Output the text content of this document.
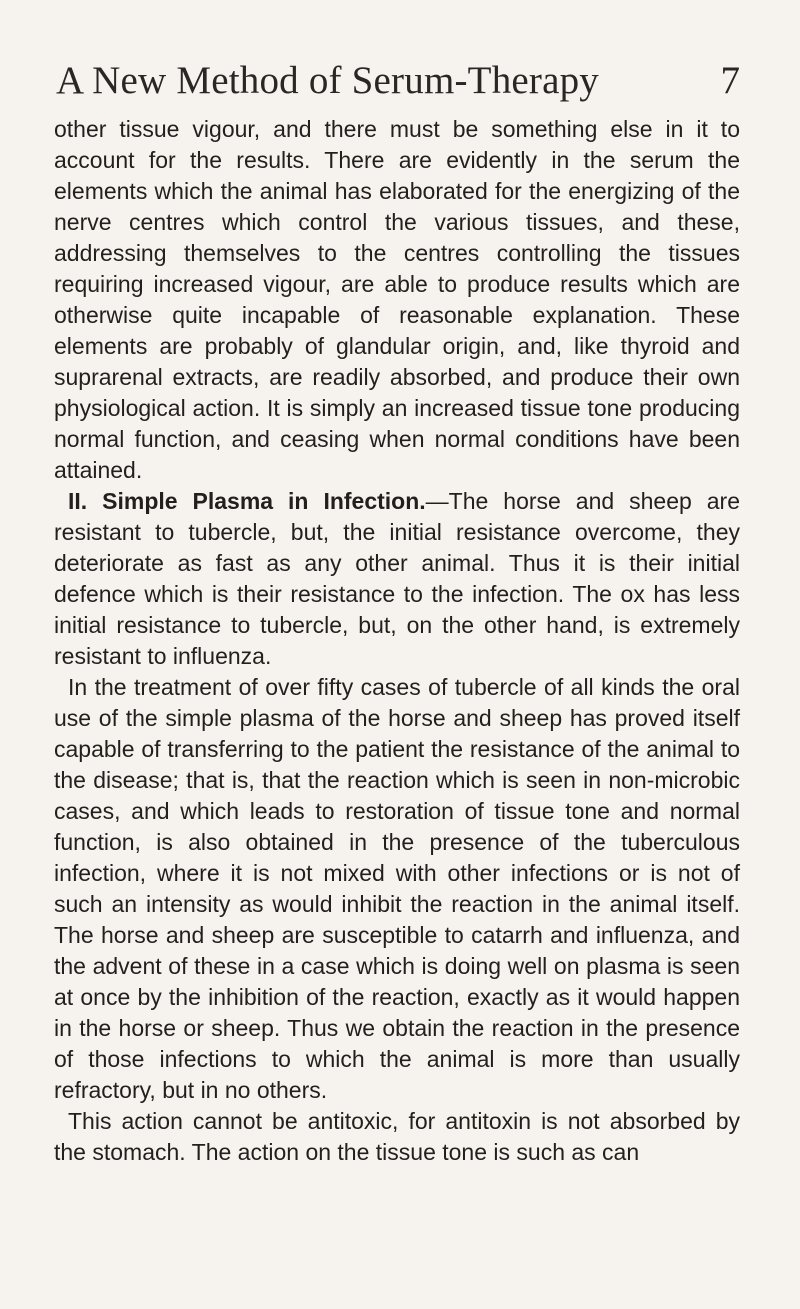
A New Method of Serum-Therapy	7

other tissue vigour, and there must be something else in it to account for the results. There are evidently in the serum the elements which the animal has elaborated for the energizing of the nerve centres which control the various tissues, and these, addressing themselves to the centres controlling the tissues requiring increased vigour, are able to produce results which are otherwise quite incapable of reasonable explanation. These elements are probably of glandular origin, and, like thyroid and suprarenal extracts, are readily absorbed, and produce their own physiological action. It is simply an increased tissue tone producing normal function, and ceasing when normal conditions have been attained.

II. Simple Plasma in Infection.—The horse and sheep are resistant to tubercle, but, the initial resistance overcome, they deteriorate as fast as any other animal. Thus it is their initial defence which is their resistance to the infection. The ox has less initial resistance to tubercle, but, on the other hand, is extremely resistant to influenza.

In the treatment of over fifty cases of tubercle of all kinds the oral use of the simple plasma of the horse and sheep has proved itself capable of transferring to the patient the resistance of the animal to the disease; that is, that the reaction which is seen in non-microbic cases, and which leads to restoration of tissue tone and normal function, is also obtained in the presence of the tuberculous infection, where it is not mixed with other infections or is not of such an intensity as would inhibit the reaction in the animal itself. The horse and sheep are susceptible to catarrh and influenza, and the advent of these in a case which is doing well on plasma is seen at once by the inhibition of the reaction, exactly as it would happen in the horse or sheep. Thus we obtain the reaction in the presence of those infections to which the animal is more than usually refractory, but in no others.

This action cannot be antitoxic, for antitoxin is not absorbed by the stomach. The action on the tissue tone is such as can
